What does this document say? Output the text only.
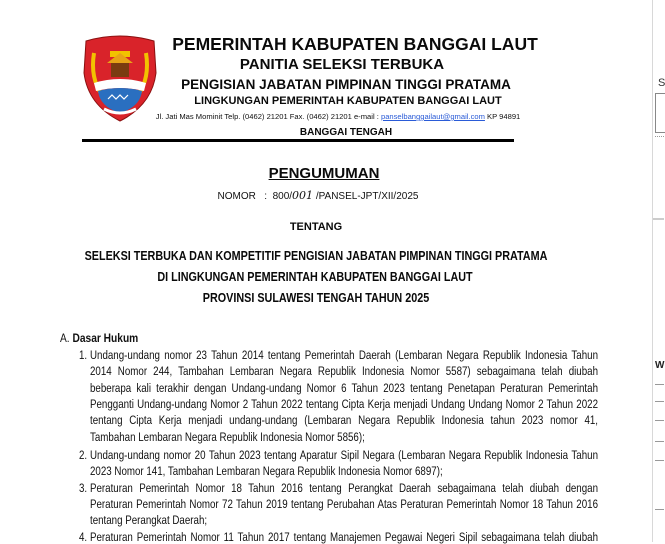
PEMERINTAH KABUPATEN BANGGAI LAUT
PANITIA SELEKSI TERBUKA
PENGISIAN JABATAN PIMPINAN TINGGI PRATAMA
LINGKUNGAN PEMERINTAH KABUPATEN BANGGAI LAUT
Jl. Jati Mas Mominit Telp. (0462) 21201 Fax. (0462) 21201 e-mail : panselbanggailaut@gmail.com KP 94891
BANGGAI TENGAH
PENGUMUMAN
NOMOR : 800/001 /PANSEL-JPT/XII/2025
TENTANG
SELEKSI TERBUKA DAN KOMPETITIF PENGISIAN JABATAN PIMPINAN TINGGI PRATAMA
DI LINGKUNGAN PEMERINTAH KABUPATEN BANGGAI LAUT
PROVINSI SULAWESI TENGAH TAHUN 2025
A. Dasar Hukum
1.
2.
3.
4.
Undang-undang nomor 23 Tahun 2014 tentang Pemerintah Daerah (Lembaran Negara Republik Indonesia Tahun
2014 Nomor 244, Tambahan Lembaran Negara Republik Indonesia Nomor 5587) sebagaimana telah diubah
beberapa kali terakhir dengan Undang-undang Nomor 6 Tahun 2023 tentang Penetapan Peraturan Pemerintah
Pengganti Undang-undang Nomor 2 Tahun 2022 tentang Cipta Kerja menjadi Undang Undang Nomor 2 Tahun 2022
tentang Cipta Kerja menjadi undang-undang (Lembaran Negara Republik Indonesia tahun 2023 nomor 41,
Tambahan Lembaran Negara Republik Indonesia Nomor 5856);
Undang-undang nomor 20 Tahun 2023 tentang Aparatur Sipil Negara (Lembaran Negara Republik Indonesia Tahun
2023 Nomor 141, Tambahan Lembaran Negara Republik Indonesia Nomor 6897);
Peraturan Pemerintah Nomor 18 Tahun 2016 tentang Perangkat Daerah sebagaimana telah diubah dengan
Peraturan Pemerintah Nomor 72 Tahun 2019 tentang Perubahan Atas Peraturan Pemerintah Nomor 18 Tahun 2016
tentang Perangkat Daerah;
Peraturan Pemerintah Nomor 11 Tahun 2017 tentang Manajemen Pegawai Negeri Sipil sebagaimana telah diubah
S
W
